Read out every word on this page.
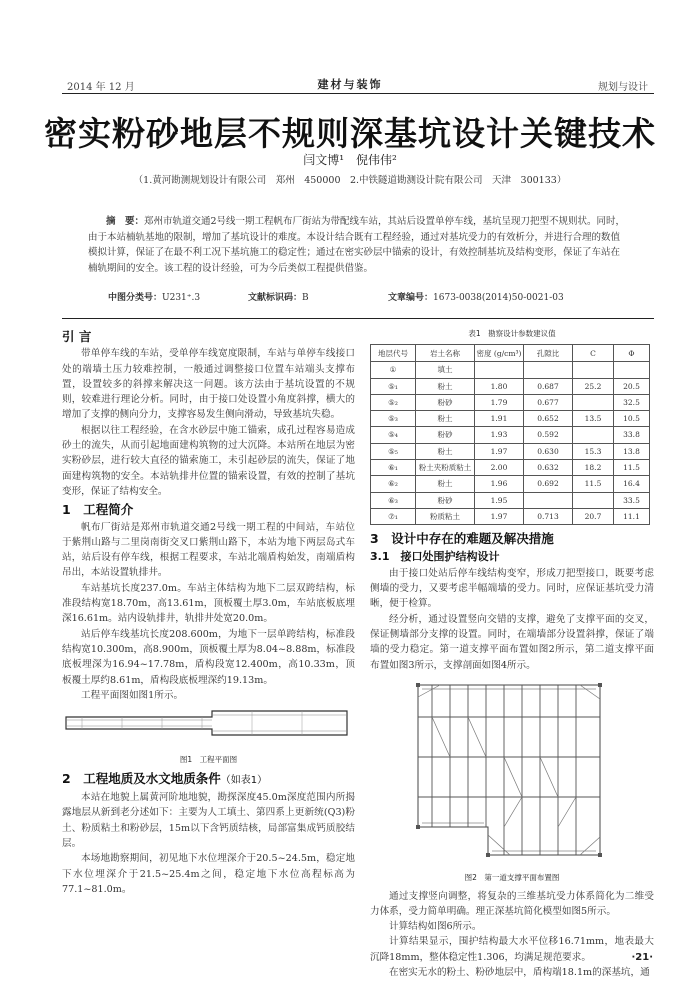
2014 年 12 月	建材与装饰	规划与设计
密实粉砂地层不规则深基坑设计关键技术
闫文博¹　倪伟伟²
（1.黄河勘测规划设计有限公司　郑州　450000　2.中铁隧道勘测设计院有限公司　天津　300133）
摘　要：郑州市轨道交通2号线一期工程帆布厂街站为带配线车站，其站后设置单停车线，基坑呈现刀把型不规则状。同时，由于本站楠轨基地的限制，增加了基坑设计的难度。本设计结合既有工程经验，通过对基坑受力的有效析分，并进行合理的数值模拟计算，保证了在最不利工况下基坑施工的稳定性；通过在密实砂层中锚索的设计，有效控制基坑及结构变形，保证了车站在楠轨期间的安全。该工程的设计经验，可为今后类似工程提供借鉴。
中图分类号：U231⁺.3	文献标识码：B	文章编号：1673-0038(2014)50-0021-03
引 言

带单停车线的车站，受单停车线宽度限制，车站与单停车线接口处的端墙土压力较难控制，一般通过调整接口位置车站端头支撑布置，设置较多的斜撑来解决这一问题。该方法由于基坑设置的不规则，较难进行理论分析。同时，由于接口处设置小角度斜撑，横大的增加了支撑的侧向分力，支撑容易发生侧向滑动，导致基坑失稳。

根据以往工程经验，在含水砂层中施工锚索，成孔过程容易造成砂土的流失，从而引起地面建构筑物的过大沉降。本站所在地层为密实粉砂层，进行较大直径的锚索施工，未引起砂层的流失，保证了地面建构筑物的安全。本站轨排井位置的锚索设置，有效的控制了基坑变形，保证了结构安全。

1　工程简介

帆布厂街站是郑州市轨道交通2号线一期工程的中间站，车站位于紫荆山路与二里岗南街交叉口紫荆山路下，本站为地下两层岛式车站，站后设有停车线，根据工程要求，车站北端盾构始发，南端盾构吊出，本站设置轨排井。

车站基坑长度237.0m。车站主体结构为地下二层双跨结构，标准段结构宽18.70m，高13.61m，顶板覆土厚3.0m，车站底板底埋深16.61m。站内设轨排井，轨排井处宽20.0m。

站后停车线基坑长度208.600m，为地下一层单跨结构，标准段结构宽10.300m，高8.900m，顶板覆土厚为8.04~8.88m，标准段底板埋深为16.94~17.78m，盾构段宽12.400m，高10.33m，顶板覆土厚约8.61m，盾构段底板埋深约19.13m。

工程平面图如图1所示。

图1　工程平面图
2　工程地质及水文地质条件（如表1）

本站在地貌上属黄河阶地地貌，勘探深度45.0m深度范围内所揭露地层从新到老分述如下：主要为人工填土、第四系上更新统(Q3)粉土、粉质粘土和粉砂层，15m以下含钙质结核，局部富集成钙质胶结层。

本场地勘察期间，初见地下水位埋深介于20.5~24.5m，稳定地下水位埋深介于21.5~25.4m之间，稳定地下水位高程标高为77.1~81.0m。

表1　勘察设计参数建议值
地层代号	岩土名称	密度 (g/cm³)	孔隙比	C	Φ
①	填土				
⑤₁	粉土	1.80	0.687	25.2	20.5
⑤₂	粉砂	1.79	0.677		32.5
⑤₃	粉土	1.91	0.652	13.5	10.5
⑤₄	粉砂	1.93	0.592		33.8
⑤₅	粉土	1.97	0.630	15.3	13.8
⑥₁	粉土夹粉质粘土	2.00	0.632	18.2	11.5
⑥₂	粉土	1.96	0.692	11.5	16.4
⑥₃	粉砂	1.95			33.5
⑦₁	粉质粘土	1.97	0.713	20.7	11.1
3　设计中存在的难题及解决措施
3.1　接口处围护结构设计

由于接口处站后停车线结构变窄，形成刀把型接口，既要考虑侧墙的受力，又要考虑半幅端墙的受力。同时，应保证基坑受力清晰，便于检算。

经分析，通过设置竖向交错的支撑，避免了支撑平面的交叉，保证侧墙部分支撑的设置。同时，在端墙部分设置斜撑，保证了端墙的受力稳定。第一道支撑平面布置如图2所示，第二道支撑平面布置如图3所示，支撑剖面如图4所示。

图2　第一道支撑平面布置图

通过支撑竖向调整，将复杂的三维基坑受力体系简化为二维受力体系，受力简单明确。理正深基坑简化模型如图5所示。

计算结构如图6所示。

计算结果显示，围护结构最大水平位移16.71mm，地表最大沉降18mm，整体稳定性1.306，均满足规范要求。

在密实无水的粉土、粉砂地层中，盾构端18.1m的深基坑，通

·21·
